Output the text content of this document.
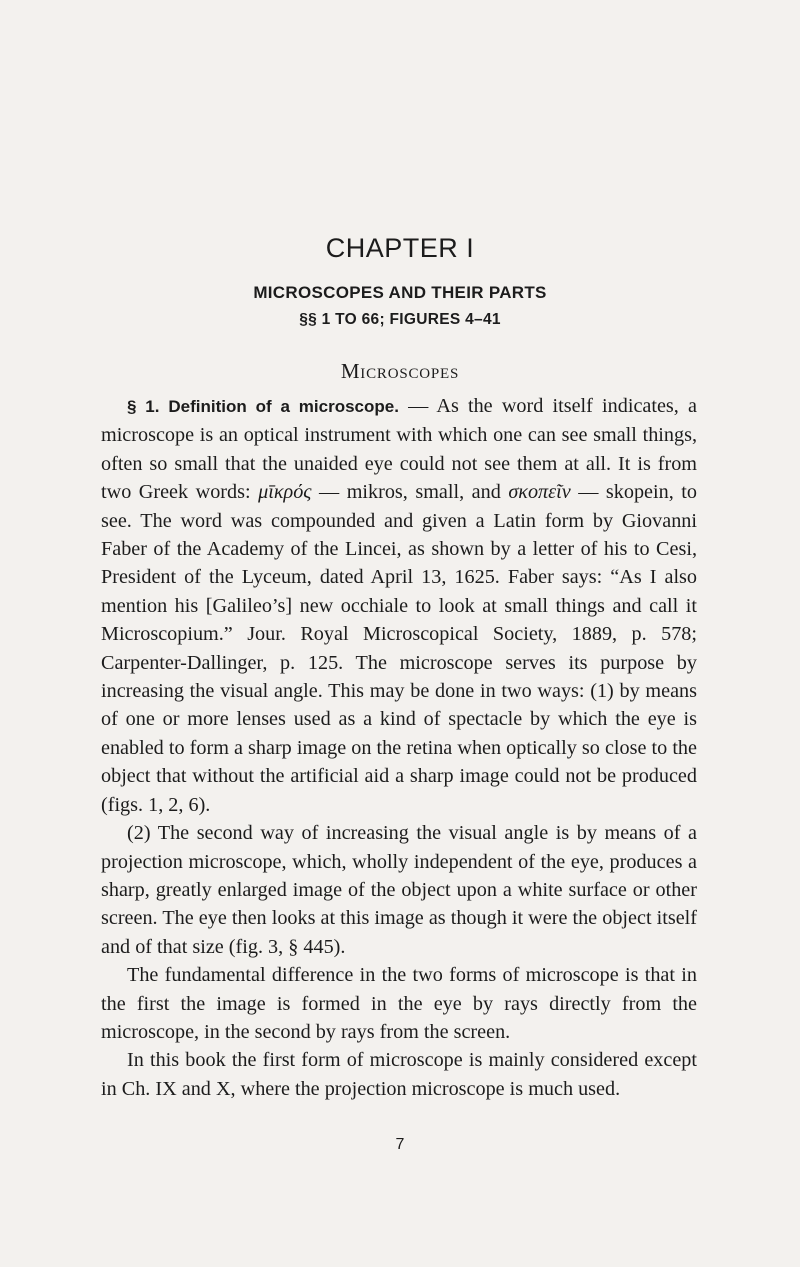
CHAPTER I
MICROSCOPES AND THEIR PARTS
§§ 1 TO 66; FIGURES 4–41
Microscopes

§ 1. Definition of a microscope. — As the word itself indicates, a microscope is an optical instrument with which one can see small things, often so small that the unaided eye could not see them at all. It is from two Greek words: μῑκρός — mikros, small, and σκοπεῖν — skopein, to see. The word was compounded and given a Latin form by Giovanni Faber of the Academy of the Lincei, as shown by a letter of his to Cesi, President of the Lyceum, dated April 13, 1625. Faber says: “As I also mention his [Galileo’s] new occhiale to look at small things and call it Microscopium.” Jour. Royal Microscopical Society, 1889, p. 578; Carpenter-Dallinger, p. 125. The microscope serves its purpose by increasing the visual angle. This may be done in two ways: (1) by means of one or more lenses used as a kind of spectacle by which the eye is enabled to form a sharp image on the retina when optically so close to the object that without the artificial aid a sharp image could not be produced (figs. 1, 2, 6).

(2) The second way of increasing the visual angle is by means of a projection microscope, which, wholly independent of the eye, produces a sharp, greatly enlarged image of the object upon a white surface or other screen. The eye then looks at this image as though it were the object itself and of that size (fig. 3, § 445).

The fundamental difference in the two forms of microscope is that in the first the image is formed in the eye by rays directly from the microscope, in the second by rays from the screen.

In this book the first form of microscope is mainly considered except in Ch. IX and X, where the projection microscope is much used.

7
